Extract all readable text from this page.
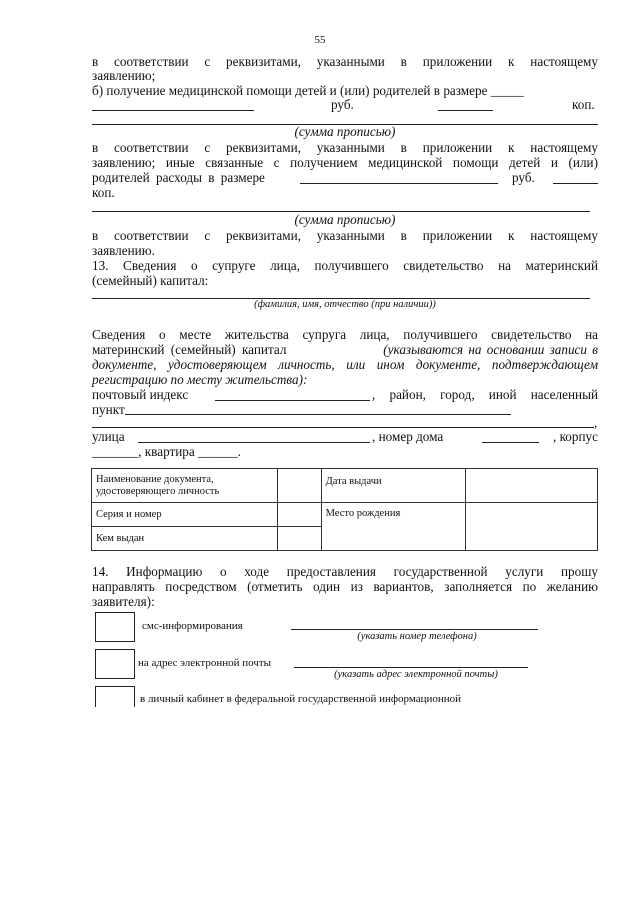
55
в соответствии с реквизитами, указанными в приложении к настоящему
заявлению;
б) получение медицинской помощи детей и (или) родителей в размере _____
руб.	коп.
(сумма прописью)
в соответствии с реквизитами, указанными в приложении к настоящему
заявлению; иные связанные с получением медицинской помощи детей и (или)
родителей расходы в размере	руб.
коп.
(сумма прописью)
в соответствии с реквизитами, указанными в приложении к настоящему
заявлению.
13. Сведения о супруге лица, получившего свидетельство на материнский
(семейный) капитал:
(фамилия, имя, отчество (при наличии))
Сведения о месте жительства супруга лица, получившего свидетельство на
материнский (семейный) капитал	(указываются на основании записи в
документе, удостоверяющем личность, или ином документе, подтверждающем
регистрацию по месту жительства):
почтовый индекс	, район, город, иной населенный
пункт
,
улица	, номер дома	, корпус
_______, квартира ______.
Наименование документа, удостоверяющего личность		Дата выдачи	
Серия и номер		Место рождения	
Кем выдан			
14. Информацию о ходе предоставления государственной услуги прошу
направлять посредством (отметить один из вариантов, заполняется по желанию
заявителя):
смс-информирования
(указать номер телефона)
на адрес электронной почты
(указать адрес электронной почты)
в личный кабинет в федеральной государственной информационной
